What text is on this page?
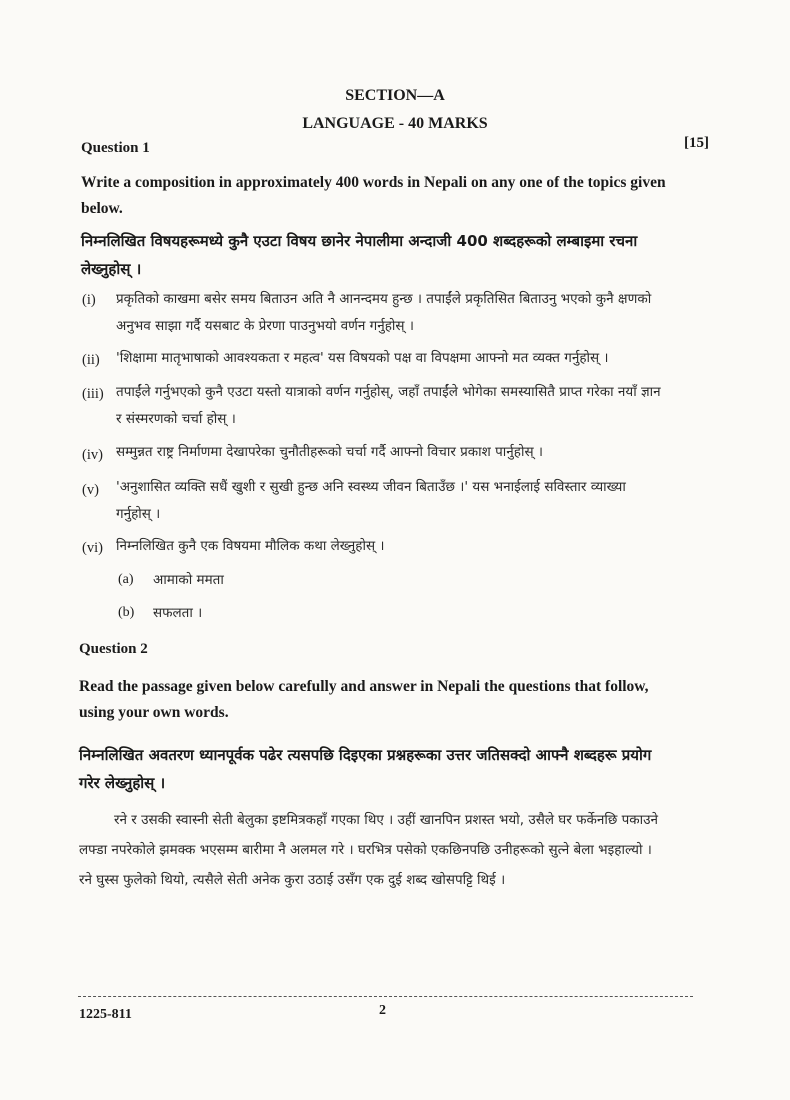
SECTION—A
LANGUAGE - 40 MARKS
Question 1	[15]
Write a composition in approximately 400 words in Nepali on any one of the topics given below.
निम्नलिखित विषयहरूमध्ये कुनै एउटा विषय छानेर नेपालीमा अन्दाजी 400 शब्दहरूको लम्बाइमा रचना लेख्नुहोस् ।
(i) प्रकृतिको काखमा बसेर समय बिताउन अति नै आनन्दमय हुन्छ । तपाईंले प्रकृतिसित बिताउनु भएको कुनै क्षणको अनुभव साझा गर्दै यसबाट के प्रेरणा पाउनुभयो वर्णन गर्नुहोस् ।
(ii) 'शिक्षामा मातृभाषाको आवश्यकता र महत्व' यस विषयको पक्ष वा विपक्षमा आफ्नो मत व्यक्त गर्नुहोस् ।
(iii) तपाईंले गर्नुभएको कुनै एउटा यस्तो यात्राको वर्णन गर्नुहोस्, जहाँ तपाईंले भोगेका समस्यासितै प्राप्त गरेका नयाँ ज्ञान र संस्मरणको चर्चा होस् ।
(iv) सम्मुन्नत राष्ट्र निर्माणमा देखापरेका चुनौतीहरूको चर्चा गर्दै आफ्नो विचार प्रकाश पार्नुहोस् ।
(v) 'अनुशासित व्यक्ति सधैं खुशी र सुखी हुन्छ अनि स्वस्थ्य जीवन बिताउँछ ।' यस भनाईलाई सविस्तार व्याख्या गर्नुहोस् ।
(vi) निम्नलिखित कुनै एक विषयमा मौलिक कथा लेख्नुहोस् ।
(a) आमाको ममता
(b) सफलता ।
Question 2
Read the passage given below carefully and answer in Nepali the questions that follow, using your own words.
निम्नलिखित अवतरण ध्यानपूर्वक पढेर त्यसपछि दिइएका प्रश्नहरूका उत्तर जतिसक्दो आफ्नै शब्दहरू प्रयोग गरेर लेख्नुहोस् ।
रने र उसकी स्वास्नी सेती बेलुका इष्टमित्रकहाँ गएका थिए । उहीं खानपिन प्रशस्त भयो, उसैले घर फर्केनछि पकाउने लफ्डा नपरेकोले झमक्क भएसम्म बारीमा नै अलमल गरे । घरभित्र पसेको एकछिनपछि उनीहरूको सुत्ने बेला भइहाल्यो । रने घुस्स फुलेको थियो, त्यसैले सेती अनेक कुरा उठाई उसँग एक दुई शब्द खोसपट्टि थिई ।
1225-811	2
